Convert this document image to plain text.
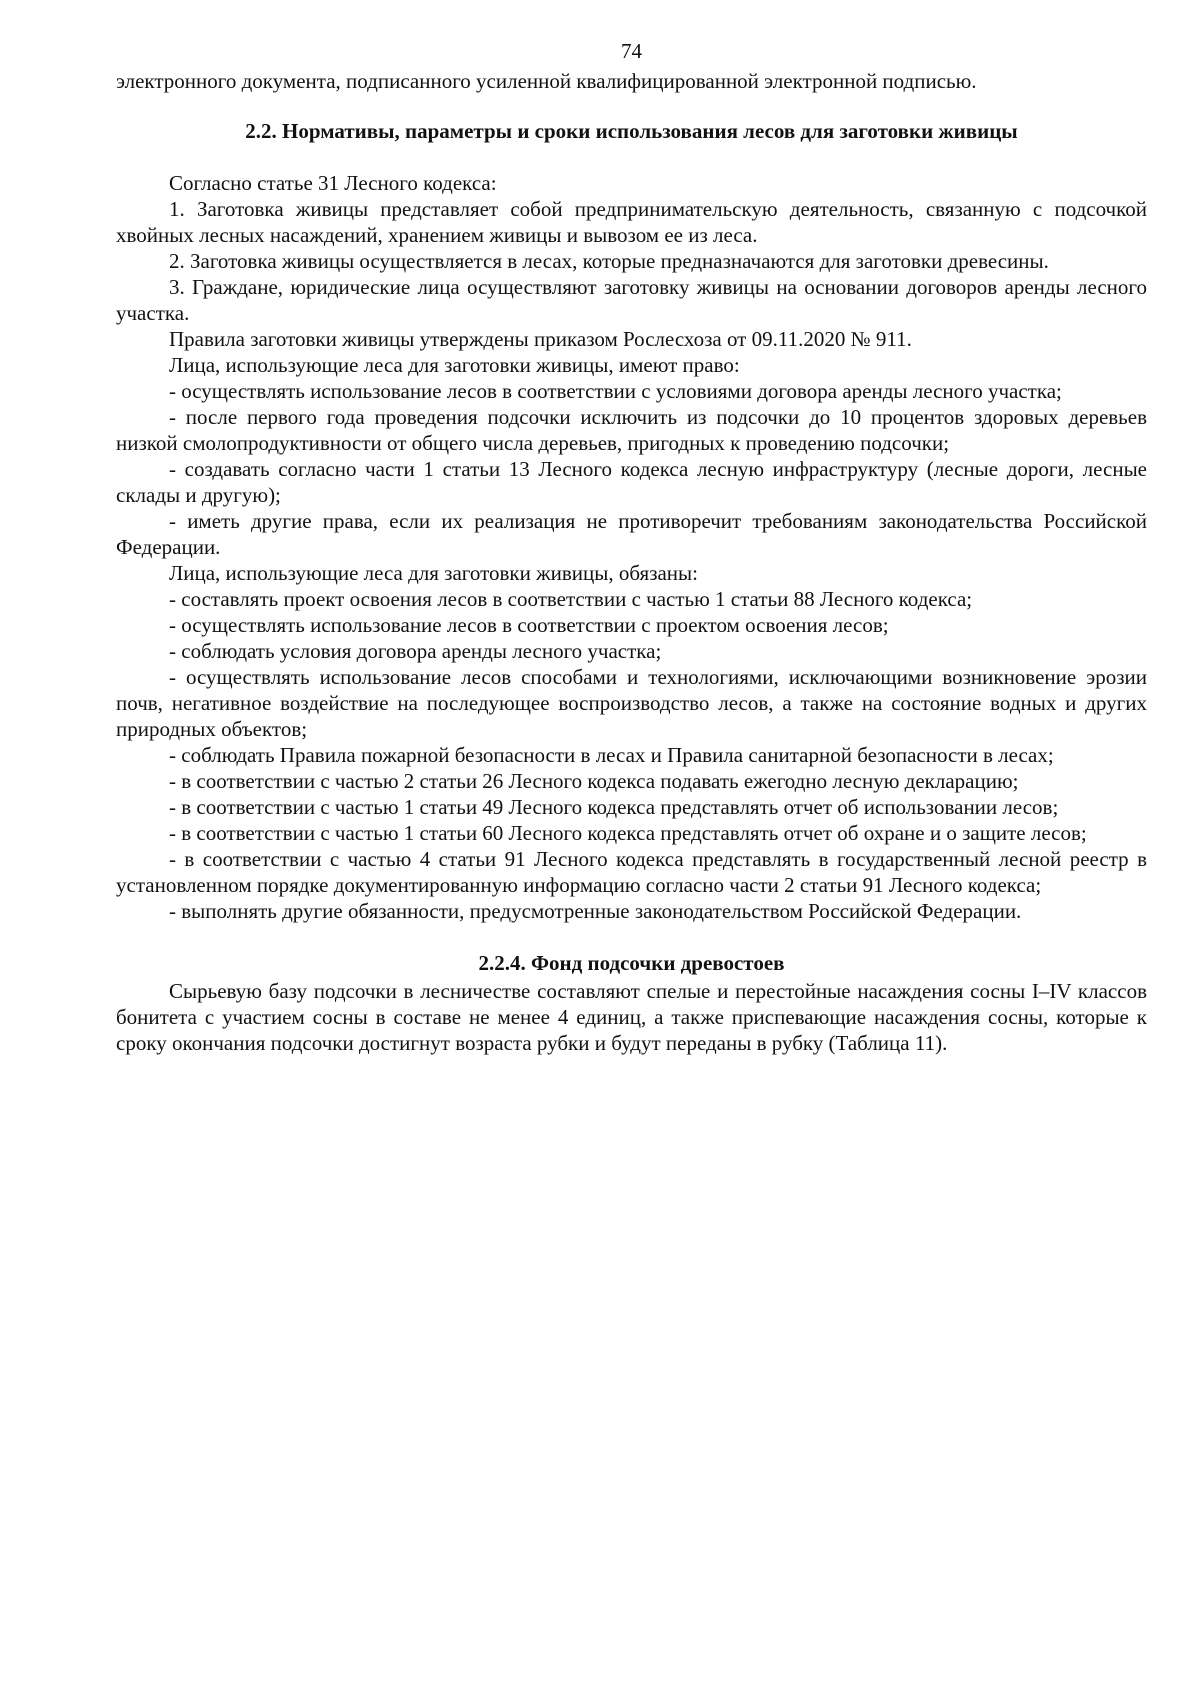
74

электронного документа, подписанного усиленной квалифицированной электронной подписью.

2.2. Нормативы, параметры и сроки использования лесов для заготовки живицы

Согласно статье 31 Лесного кодекса:

1. Заготовка живицы представляет собой предпринимательскую деятельность, связанную с подсочкой хвойных лесных насаждений, хранением живицы и вывозом ее из леса.

2. Заготовка живицы осуществляется в лесах, которые предназначаются для заготовки древесины.

3. Граждане, юридические лица осуществляют заготовку живицы на основании договоров аренды лесного участка.

Правила заготовки живицы утверждены приказом Рослесхоза от 09.11.2020 № 911.

Лица, использующие леса для заготовки живицы, имеют право:

- осуществлять использование лесов в соответствии с условиями договора аренды лесного участка;

- после первого года проведения подсочки исключить из подсочки до 10 процентов здоровых деревьев низкой смолопродуктивности от общего числа деревьев, пригодных к проведению подсочки;

- создавать согласно части 1 статьи 13 Лесного кодекса лесную инфраструктуру (лесные дороги, лесные склады и другую);

- иметь другие права, если их реализация не противоречит требованиям законодательства Российской Федерации.

Лица, использующие леса для заготовки живицы, обязаны:

- составлять проект освоения лесов в соответствии с частью 1 статьи 88 Лесного кодекса;

- осуществлять использование лесов в соответствии с проектом освоения лесов;

- соблюдать условия договора аренды лесного участка;

- осуществлять использование лесов способами и технологиями, исключающими возникновение эрозии почв, негативное воздействие на последующее воспроизводство лесов, а также на состояние водных и других природных объектов;

- соблюдать Правила пожарной безопасности в лесах и Правила санитарной безопасности в лесах;

- в соответствии с частью 2 статьи 26 Лесного кодекса подавать ежегодно лесную декларацию;

- в соответствии с частью 1 статьи 49 Лесного кодекса представлять отчет об использовании лесов;

- в соответствии с частью 1 статьи 60 Лесного кодекса представлять отчет об охране и о защите лесов;

- в соответствии с частью 4 статьи 91 Лесного кодекса представлять в государственный лесной реестр в установленном порядке документированную информацию согласно части 2 статьи 91 Лесного кодекса;

- выполнять другие обязанности, предусмотренные законодательством Российской Федерации.

2.2.4. Фонд подсочки древостоев

Сырьевую базу подсочки в лесничестве составляют спелые и перестойные насаждения сосны I–IV классов бонитета с участием сосны в составе не менее 4 единиц, а также приспевающие насаждения сосны, которые к сроку окончания подсочки достигнут возраста рубки и будут переданы в рубку (Таблица 11).
